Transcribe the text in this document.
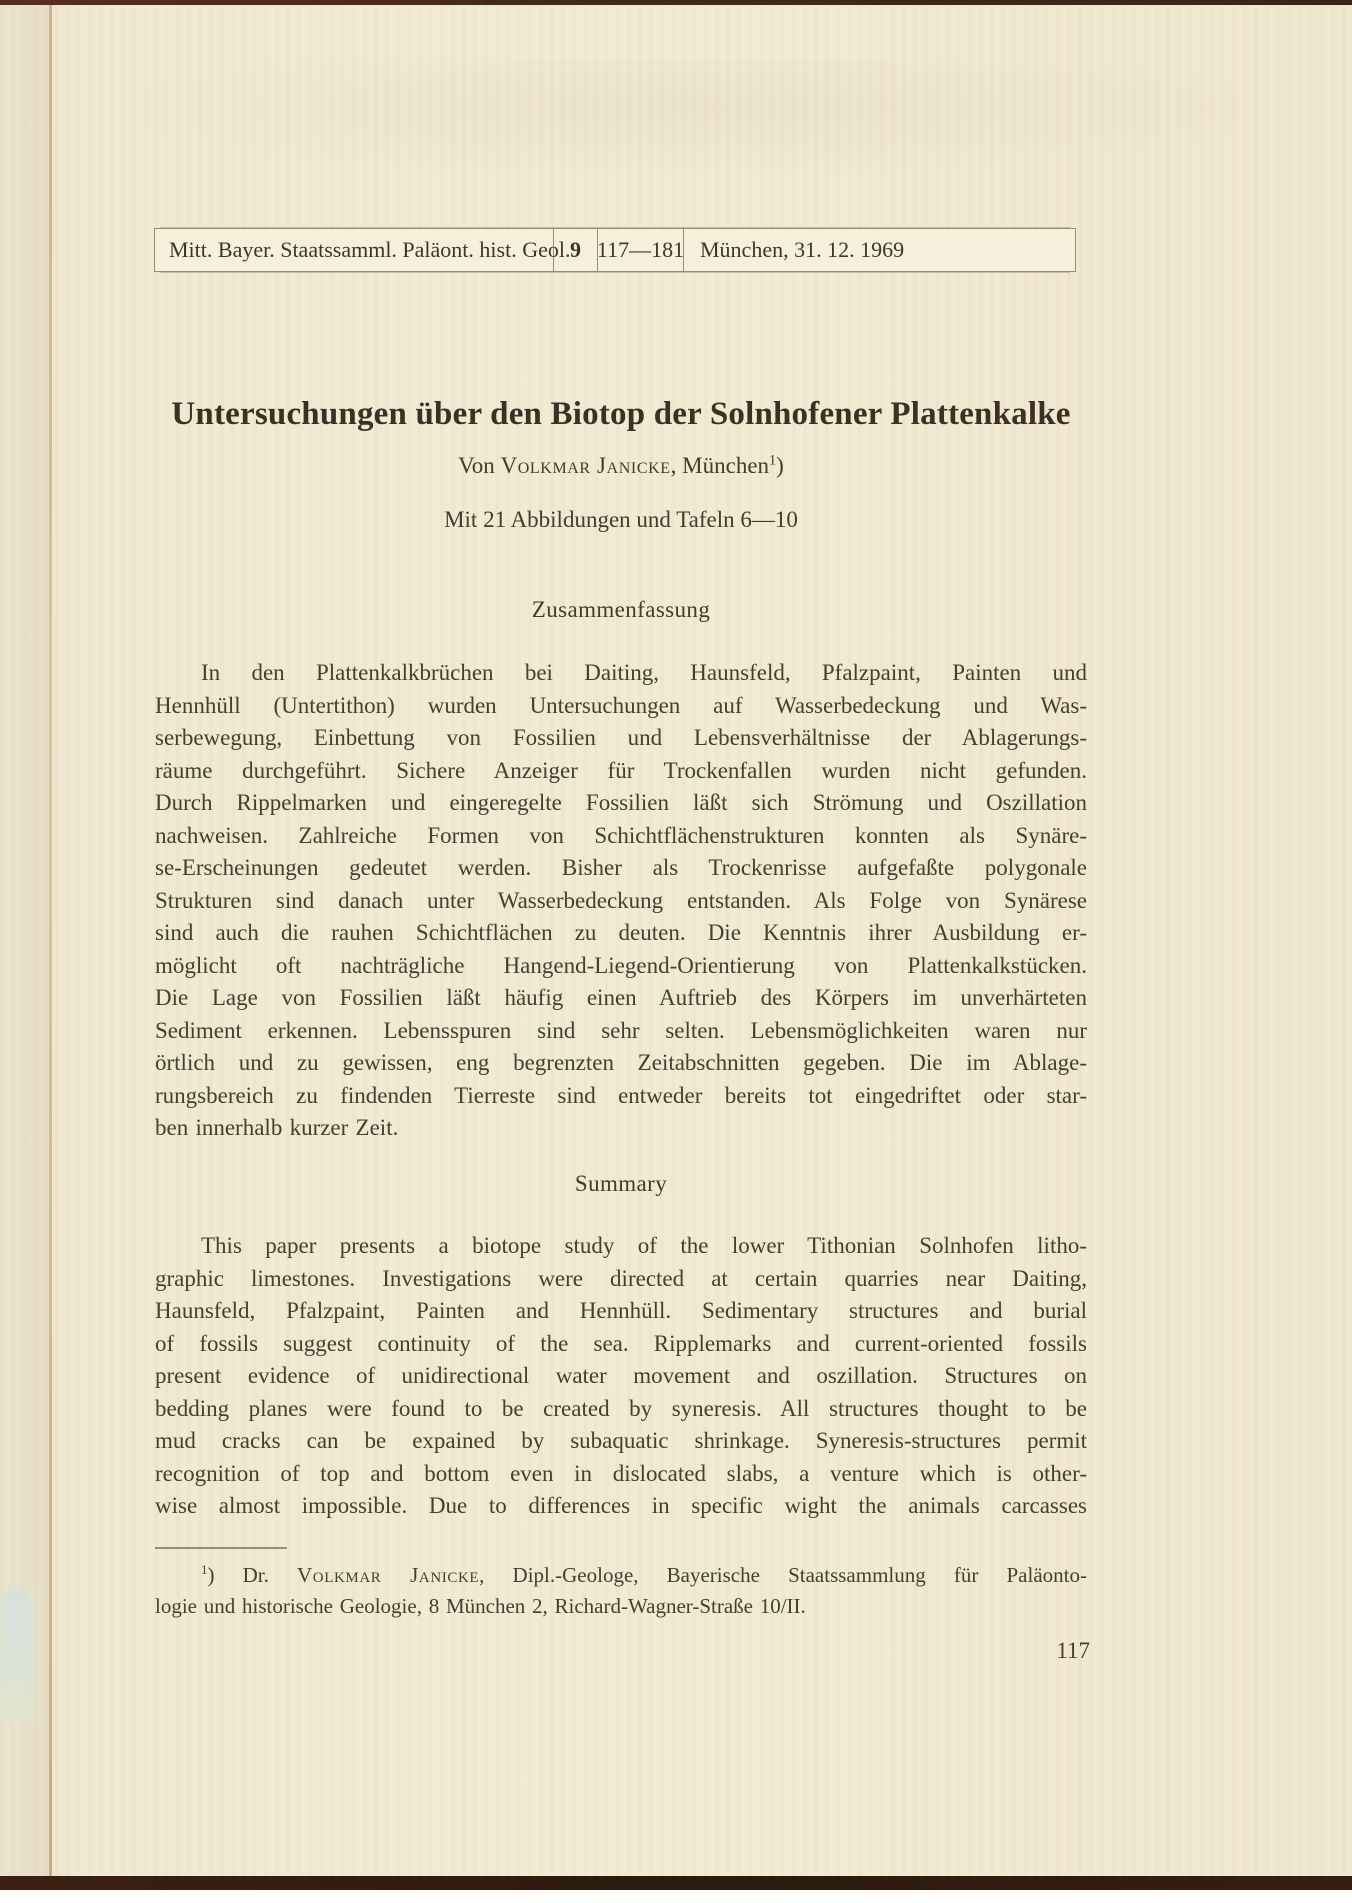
Mitt. Bayer. Staatssamml. Paläont. hist. Geol. 9 117—181 München, 31. 12. 1969
Untersuchungen über den Biotop der Solnhofener Plattenkalke
Von Volkmar Janicke, München$^1$)
Mit 21 Abbildungen und Tafeln 6—10
Zusammenfassung
In den Plattenkalkbrüchen bei Daiting, Haunsfeld, Pfalzpaint, Painten und
Hennhüll (Untertithon) wurden Untersuchungen auf Wasserbedeckung und Was-
serbewegung, Einbettung von Fossilien und Lebensverhältnisse der Ablagerungs-
räume durchgeführt. Sichere Anzeiger für Trockenfallen wurden nicht gefunden.
Durch Rippelmarken und eingeregelte Fossilien läßt sich Strömung und Oszillation
nachweisen. Zahlreiche Formen von Schichtflächenstrukturen konnten als Synäre-
se-Erscheinungen gedeutet werden. Bisher als Trockenrisse aufgefaßte polygonale
Strukturen sind danach unter Wasserbedeckung entstanden. Als Folge von Synärese
sind auch die rauhen Schichtflächen zu deuten. Die Kenntnis ihrer Ausbildung er-
möglicht oft nachträgliche Hangend-Liegend-Orientierung von Plattenkalkstücken.
Die Lage von Fossilien läßt häufig einen Auftrieb des Körpers im unverhärteten
Sediment erkennen. Lebensspuren sind sehr selten. Lebensmöglichkeiten waren nur
örtlich und zu gewissen, eng begrenzten Zeitabschnitten gegeben. Die im Ablage-
rungsbereich zu findenden Tierreste sind entweder bereits tot eingedriftet oder star-
ben innerhalb kurzer Zeit.
Summary
This paper presents a biotope study of the lower Tithonian Solnhofen litho-
graphic limestones. Investigations were directed at certain quarries near Daiting,
Haunsfeld, Pfalzpaint, Painten and Hennhüll. Sedimentary structures and burial
of fossils suggest continuity of the sea. Ripplemarks and current-oriented fossils
present evidence of unidirectional water movement and oszillation. Structures on
bedding planes were found to be created by syneresis. All structures thought to be
mud cracks can be expained by subaquatic shrinkage. Syneresis-structures permit
recognition of top and bottom even in dislocated slabs, a venture which is other-
wise almost impossible. Due to differences in specific wight the animals carcasses
$^1$) Dr. Volkmar Janicke, Dipl.-Geologe, Bayerische Staatssammlung für Paläonto-
logie und historische Geologie, 8 München 2, Richard-Wagner-Straße 10/II.
117
